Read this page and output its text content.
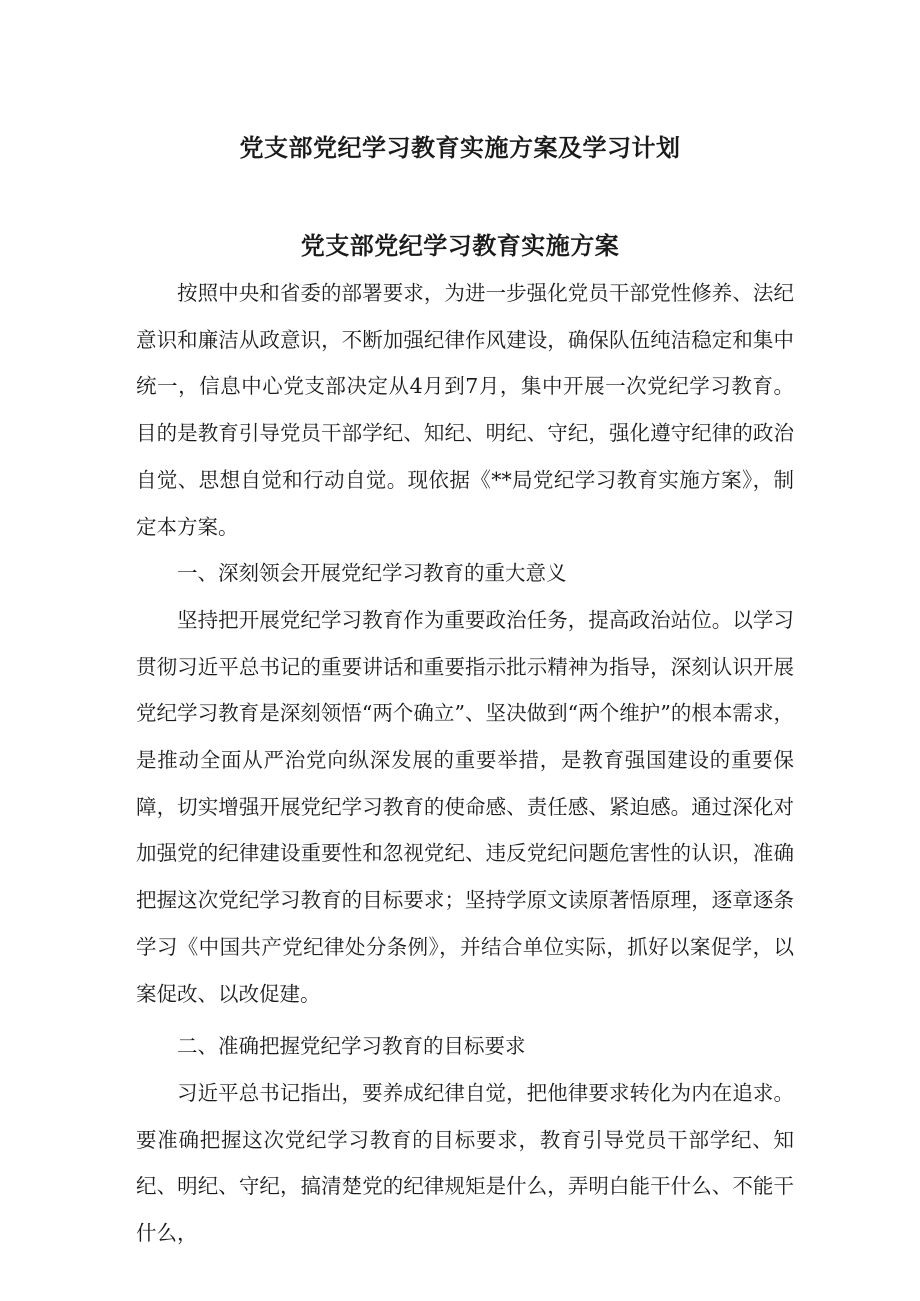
党支部党纪学习教育实施方案及学习计划
党支部党纪学习教育实施方案

按照中央和省委的部署要求，为进一步强化党员干部党性修养、法纪意识和廉洁从政意识，不断加强纪律作风建设，确保队伍纯洁稳定和集中统一，信息中心党支部决定从4月到7月，集中开展一次党纪学习教育。目的是教育引导党员干部学纪、知纪、明纪、守纪，强化遵守纪律的政治自觉、思想自觉和行动自觉。现依据《**局党纪学习教育实施方案》，制定本方案。

一、深刻领会开展党纪学习教育的重大意义

坚持把开展党纪学习教育作为重要政治任务，提高政治站位。以学习贯彻习近平总书记的重要讲话和重要指示批示精神为指导，深刻认识开展党纪学习教育是深刻领悟“两个确立”、坚决做到“两个维护”的根本需求，是推动全面从严治党向纵深发展的重要举措，是教育强国建设的重要保障，切实增强开展党纪学习教育的使命感、责任感、紧迫感。通过深化对加强党的纪律建设重要性和忽视党纪、违反党纪问题危害性的认识，准确把握这次党纪学习教育的目标要求；坚持学原文读原著悟原理，逐章逐条学习《中国共产党纪律处分条例》，并结合单位实际，抓好以案促学，以案促改、以改促建。

二、准确把握党纪学习教育的目标要求

习近平总书记指出，要养成纪律自觉，把他律要求转化为内在追求。要准确把握这次党纪学习教育的目标要求，教育引导党员干部学纪、知纪、明纪、守纪，搞清楚党的纪律规矩是什么，弄明白能干什么、不能干什么，
